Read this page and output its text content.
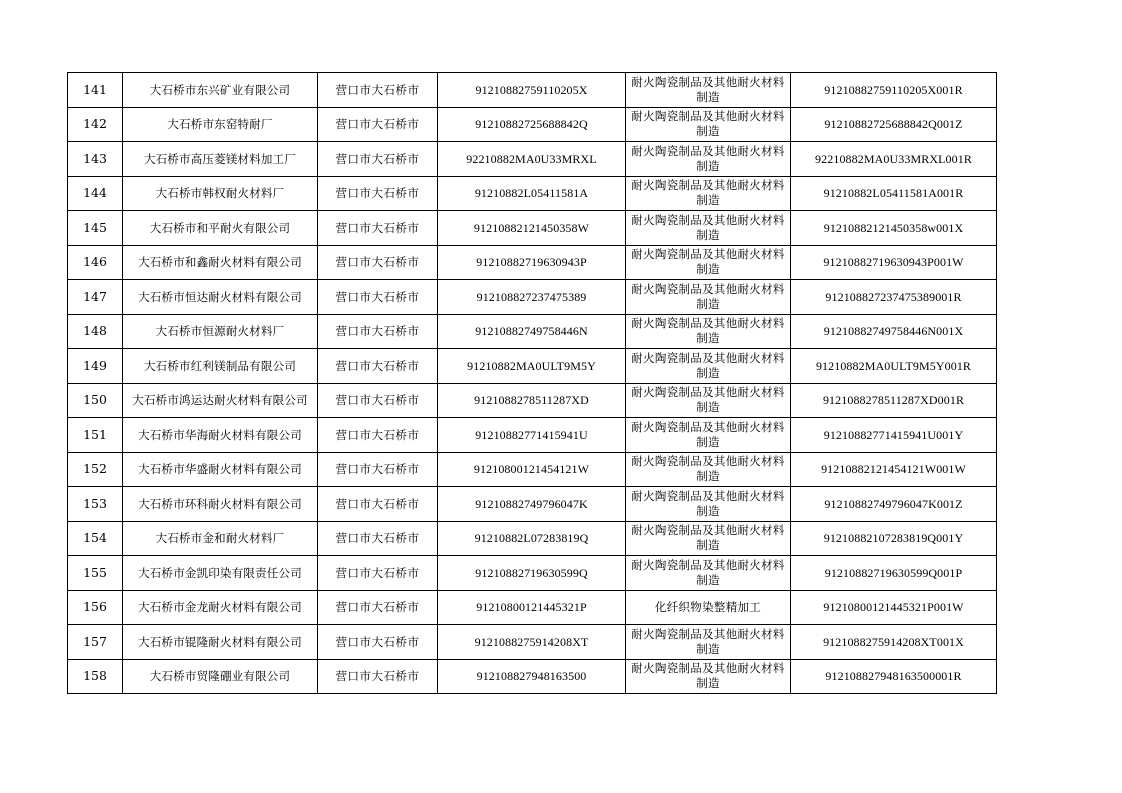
141	大石桥市东兴矿业有限公司	营口市大石桥市	91210882759110205X	耐火陶瓷制品及其他耐火材料制造	91210882759110205X001R
142	大石桥市东窑特耐厂	营口市大石桥市	91210882725688842Q	耐火陶瓷制品及其他耐火材料制造	91210882725688842Q001Z
143	大石桥市高压菱镁材料加工厂	营口市大石桥市	92210882MA0U33MRXL	耐火陶瓷制品及其他耐火材料制造	92210882MA0U33MRXL001R
144	大石桥市韩权耐火材料厂	营口市大石桥市	91210882L05411581A	耐火陶瓷制品及其他耐火材料制造	91210882L05411581A001R
145	大石桥市和平耐火有限公司	营口市大石桥市	91210882121450358W	耐火陶瓷制品及其他耐火材料制造	91210882121450358w001X
146	大石桥市和鑫耐火材料有限公司	营口市大石桥市	91210882719630943P	耐火陶瓷制品及其他耐火材料制造	91210882719630943P001W
147	大石桥市恒达耐火材料有限公司	营口市大石桥市	912108827237475389	耐火陶瓷制品及其他耐火材料制造	912108827237475389001R
148	大石桥市恒源耐火材料厂	营口市大石桥市	91210882749758446N	耐火陶瓷制品及其他耐火材料制造	91210882749758446N001X
149	大石桥市红利镁制品有限公司	营口市大石桥市	91210882MA0ULT9M5Y	耐火陶瓷制品及其他耐火材料制造	91210882MA0ULT9M5Y001R
150	大石桥市鸿运达耐火材料有限公司	营口市大石桥市	9121088278511287XD	耐火陶瓷制品及其他耐火材料制造	9121088278511287XD001R
151	大石桥市华海耐火材料有限公司	营口市大石桥市	91210882771415941U	耐火陶瓷制品及其他耐火材料制造	91210882771415941U001Y
152	大石桥市华盛耐火材料有限公司	营口市大石桥市	91210800121454121W	耐火陶瓷制品及其他耐火材料制造	91210882121454121W001W
153	大石桥市环科耐火材料有限公司	营口市大石桥市	91210882749796047K	耐火陶瓷制品及其他耐火材料制造	91210882749796047K001Z
154	大石桥市金和耐火材料厂	营口市大石桥市	91210882L07283819Q	耐火陶瓷制品及其他耐火材料制造	91210882107283819Q001Y
155	大石桥市金凯印染有限责任公司	营口市大石桥市	91210882719630599Q	耐火陶瓷制品及其他耐火材料制造	91210882719630599Q001P
156	大石桥市金龙耐火材料有限公司	营口市大石桥市	91210800121445321P	化纤织物染整精加工	91210800121445321P001W
157	大石桥市锟隆耐火材料有限公司	营口市大石桥市	9121088275914208XT	耐火陶瓷制品及其他耐火材料制造	9121088275914208XT001X
158	大石桥市贸隆硼业有限公司	营口市大石桥市	912108827948163500	耐火陶瓷制品及其他耐火材料制造	912108827948163500001R
